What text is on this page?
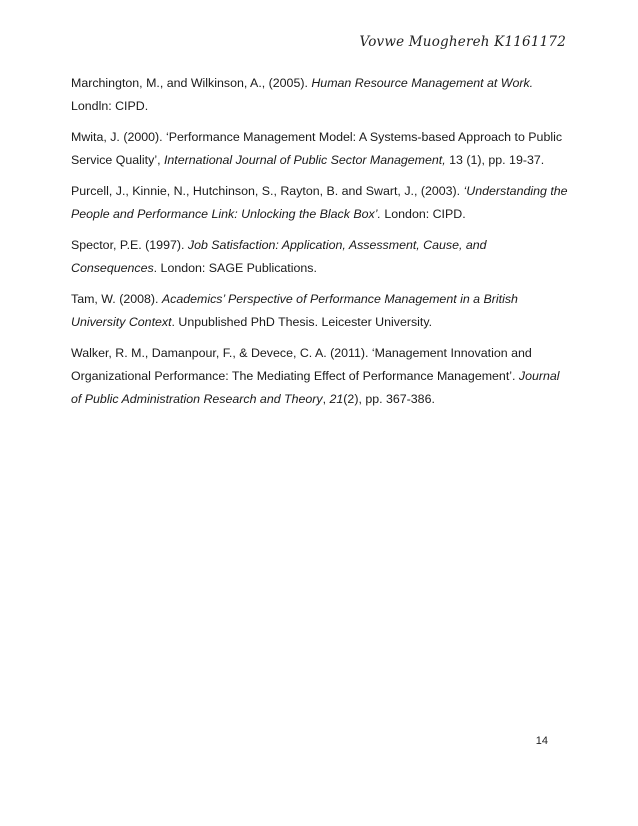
Vovwe Muoghereh K1161172

Marchington, M., and Wilkinson, A., (2005). Human Resource Management at Work. Londln: CIPD.

Mwita, J. (2000). ‘Performance Management Model: A Systems-based Approach to Public Service Quality’, International Journal of Public Sector Management, 13 (1), pp. 19-37.

Purcell, J., Kinnie, N., Hutchinson, S., Rayton, B. and Swart, J., (2003). ‘Understanding the People and Performance Link: Unlocking the Black Box’. London: CIPD.

Spector, P.E. (1997). Job Satisfaction: Application, Assessment, Cause, and Consequences. London: SAGE Publications.

Tam, W. (2008). Academics’ Perspective of Performance Management in a British University Context. Unpublished PhD Thesis. Leicester University.

Walker, R. M., Damanpour, F., & Devece, C. A. (2011). ‘Management Innovation and Organizational Performance: The Mediating Effect of Performance Management’. Journal of Public Administration Research and Theory, 21(2), pp. 367-386.

14
